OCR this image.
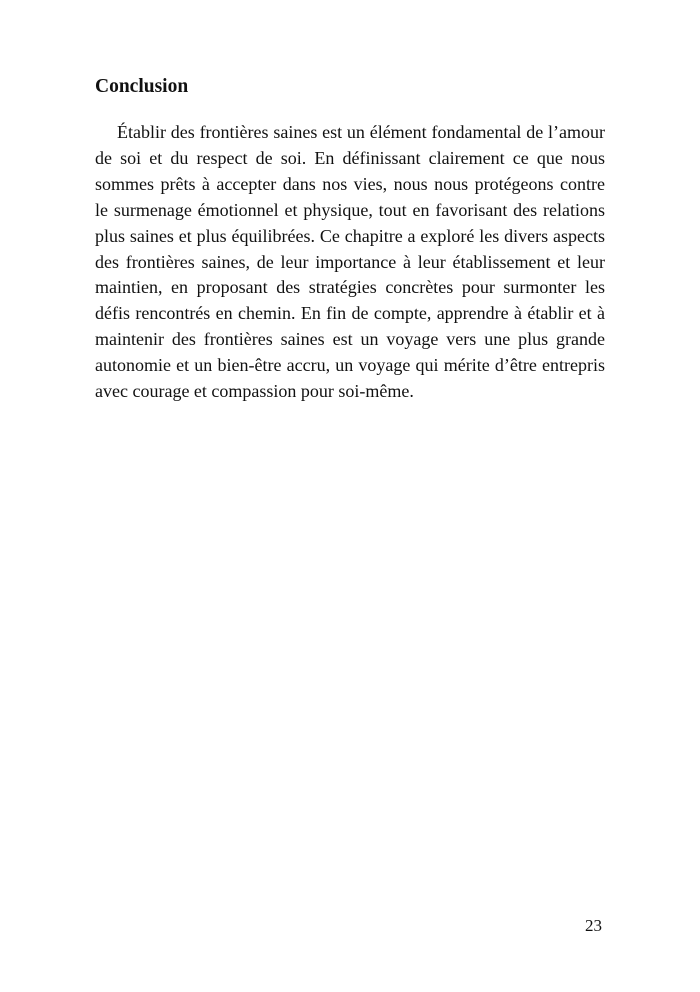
Conclusion
Établir des frontières saines est un élément fondamental de l’amour
de soi et du respect de soi. En définissant clairement ce que nous
sommes prêts à accepter dans nos vies, nous nous protégeons contre
le surmenage émotionnel et physique, tout en favorisant des relations
plus saines et plus équilibrées. Ce chapitre a exploré les divers aspects
des frontières saines, de leur importance à leur établissement et leur
maintien, en proposant des stratégies concrètes pour surmonter les
défis rencontrés en chemin. En fin de compte, apprendre à établir et à
maintenir des frontières saines est un voyage vers une plus grande
autonomie et un bien-être accru, un voyage qui mérite d’être entrepris
avec courage et compassion pour soi-même.
23
